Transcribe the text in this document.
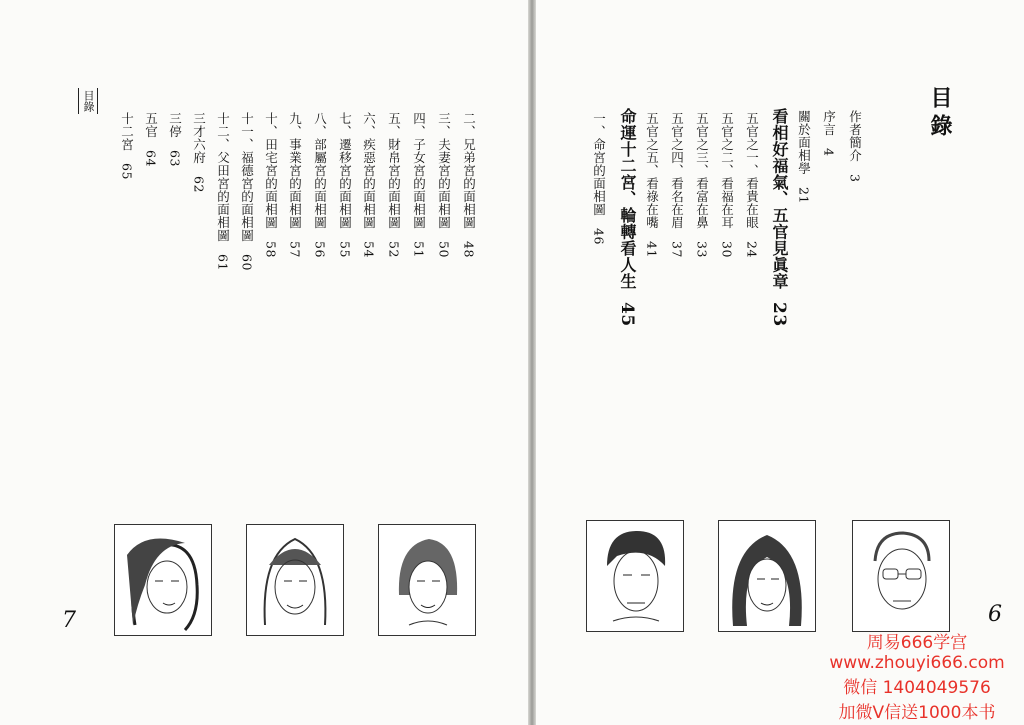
目錄
二、兄弟宮的面相圖48
三、夫妻宮的面相圖50
四、子女宮的面相圖51
五、財帛宮的面相圖52
六、疾惡宮的面相圖54
七、遷移宮的面相圖55
八、部屬宮的面相圖56
九、事業宮的面相圖57
十、田宅宮的面相圖58
十一、福德宮的面相圖60
十二、父田宮的面相圖61
三才六府62
三停63
五官64
十二宮65
7
目錄
作者簡介3
序言4
關於面相學21
看相好福氣、五官見眞章23
五官之一、看貴在眼24
五官之二、看福在耳30
五官之三、看富在鼻33
五官之四、看名在眉37
五官之五、看祿在嘴41
命運十二宮、輪轉看人生45
一、命宮的面相圖46
6
周易666学宫
www.zhouyi666.com
微信 1404049576
加微V信送1000本书
